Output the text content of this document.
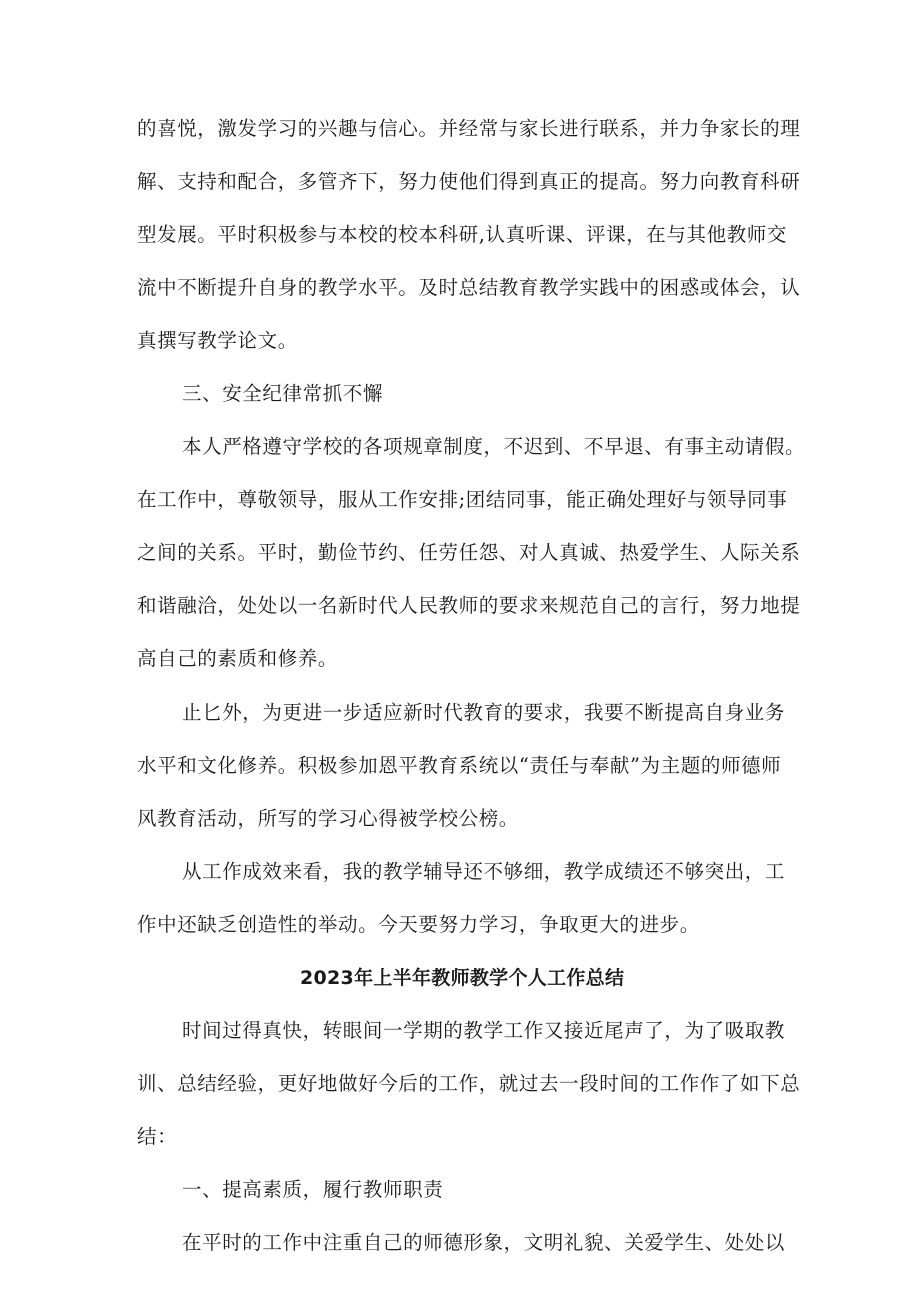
的喜悦，激发学习的兴趣与信心。并经常与家长进行联系，并力争家长的理
解、支持和配合，多管齐下，努力使他们得到真正的提高。努力向教育科研
型发展。平时积极参与本校的校本科研,认真听课、评课，在与其他教师交
流中不断提升自身的教学水平。及时总结教育教学实践中的困惑或体会，认
真撰写教学论文。
三、安全纪律常抓不懈
本人严格遵守学校的各项规章制度，不迟到、不早退、有事主动请假。
在工作中，尊敬领导，服从工作安排;团结同事，能正确处理好与领导同事
之间的关系。平时，勤俭节约、任劳任怨、对人真诚、热爱学生、人际关系
和谐融洽，处处以一名新时代人民教师的要求来规范自己的言行，努力地提
高自己的素质和修养。
止匕外，为更进一步适应新时代教育的要求，我要不断提高自身业务
水平和文化修养。积极参加恩平教育系统以“责任与奉献”为主题的师德师
风教育活动，所写的学习心得被学校公榜。
从工作成效来看，我的教学辅导还不够细，教学成绩还不够突出，工
作中还缺乏创造性的举动。今天要努力学习，争取更大的进步。
2023年上半年教师教学个人工作总结
时间过得真快，转眼间一学期的教学工作又接近尾声了，为了吸取教
训、总结经验，更好地做好今后的工作，就过去一段时间的工作作了如下总
结：
一、提高素质，履行教师职责
在平时的工作中注重自己的师德形象，文明礼貌、关爱学生、处处以
